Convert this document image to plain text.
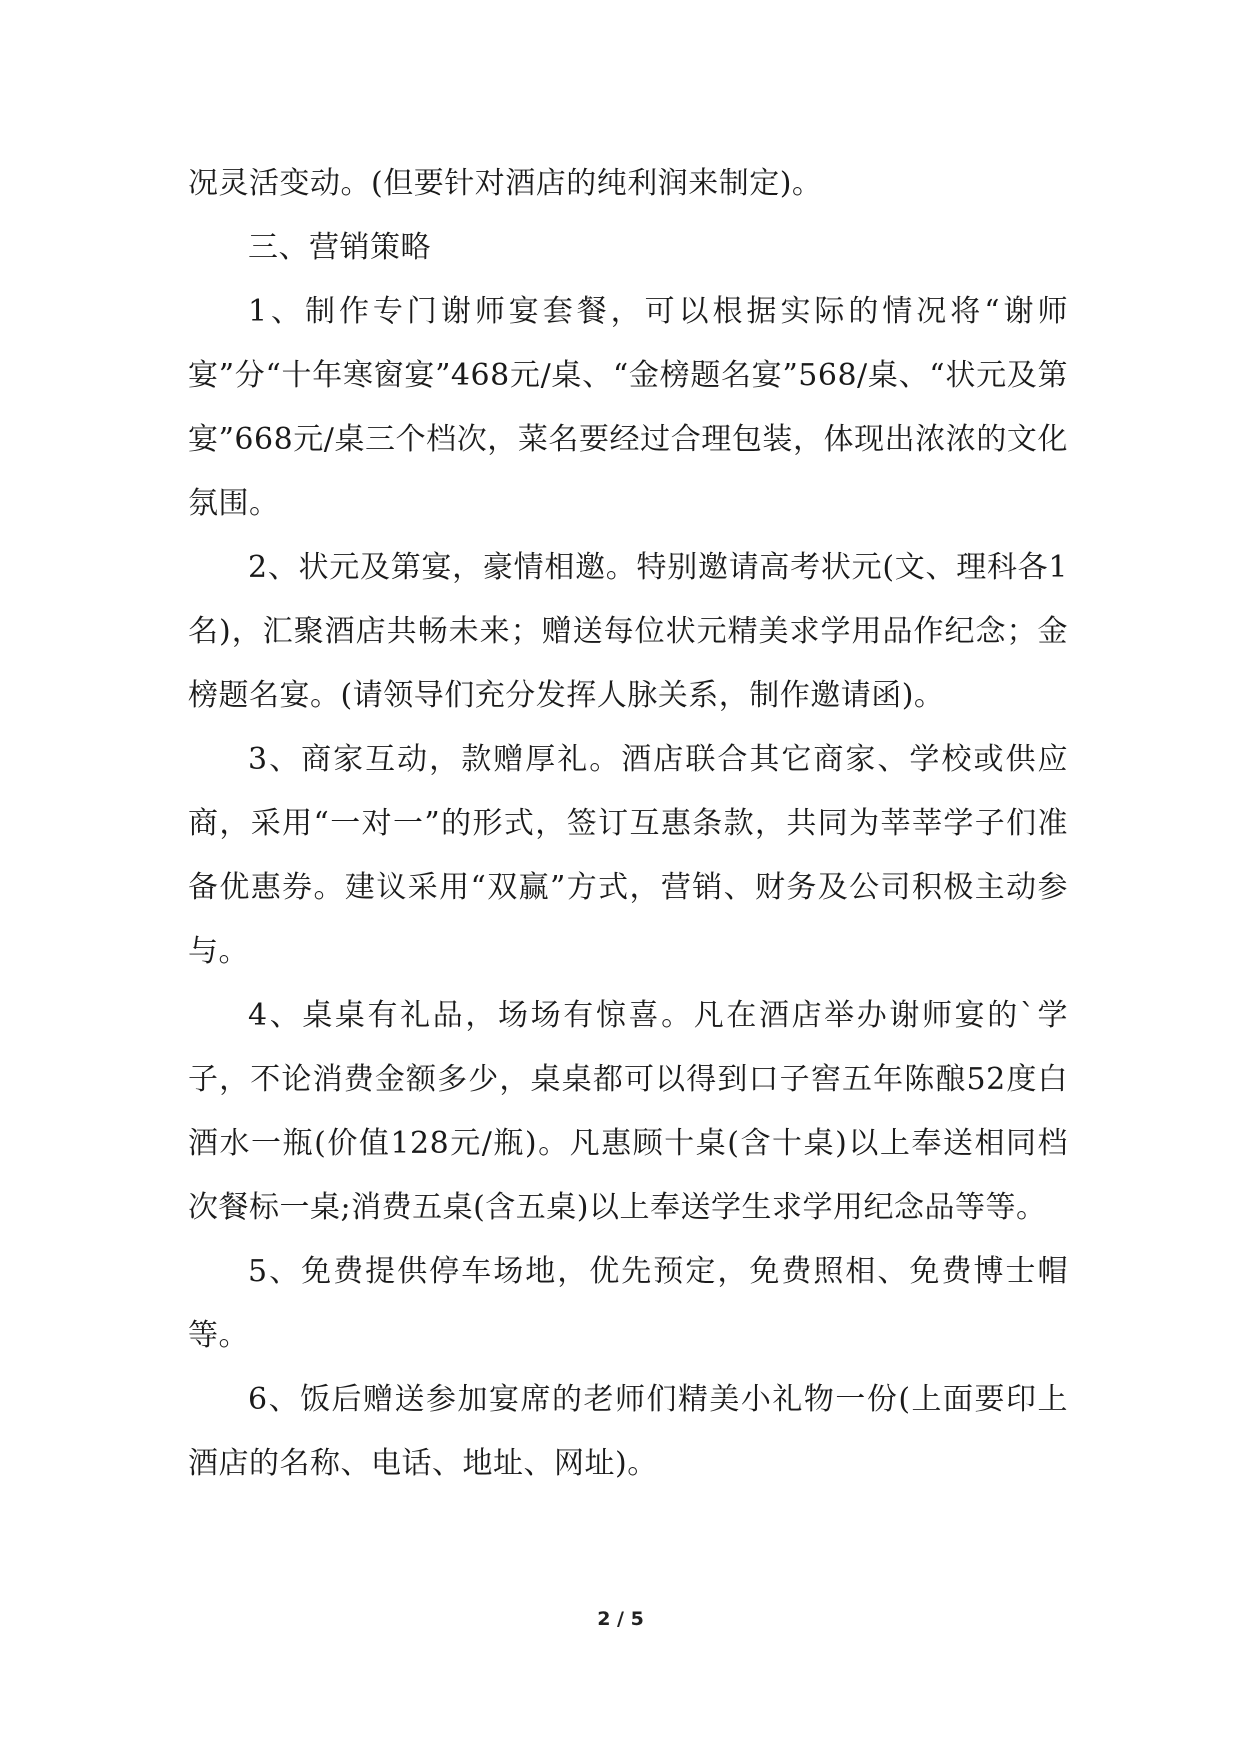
况灵活变动。(但要针对酒店的纯利润来制定)。

三、营销策略

1、制作专门谢师宴套餐，可以根据实际的情况将“谢师宴”分“十年寒窗宴”468元/桌、“金榜题名宴”568/桌、“状元及第宴”668元/桌三个档次，菜名要经过合理包装，体现出浓浓的文化氛围。

2、状元及第宴，豪情相邀。特别邀请高考状元(文、理科各1名)，汇聚酒店共畅未来；赠送每位状元精美求学用品作纪念；金榜题名宴。(请领导们充分发挥人脉关系，制作邀请函)。

3、商家互动，款赠厚礼。酒店联合其它商家、学校或供应商，采用“一对一”的形式，签订互惠条款，共同为莘莘学子们准备优惠券。建议采用“双赢”方式，营销、财务及公司积极主动参与。

4、桌桌有礼品，场场有惊喜。凡在酒店举办谢师宴的`学子，不论消费金额多少，桌桌都可以得到口子窖五年陈酿52度白酒水一瓶(价值128元/瓶)。凡惠顾十桌(含十桌)以上奉送相同档次餐标一桌;消费五桌(含五桌)以上奉送学生求学用纪念品等等。

5、免费提供停车场地，优先预定，免费照相、免费博士帽等。

6、饭后赠送参加宴席的老师们精美小礼物一份(上面要印上酒店的名称、电话、地址、网址)。

2 / 5
